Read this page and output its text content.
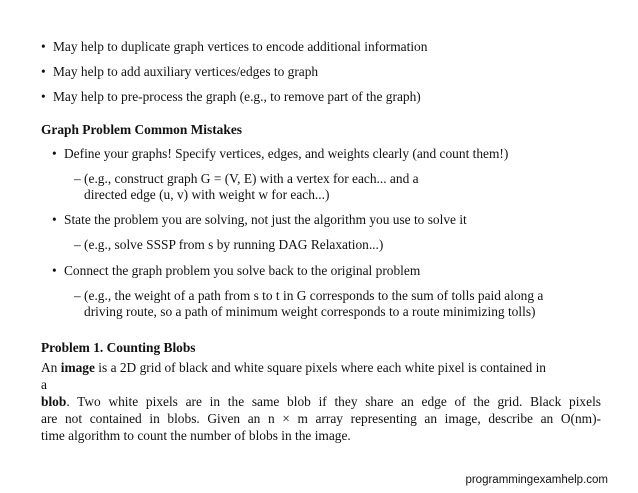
• May help to duplicate graph vertices to encode additional information
• May help to add auxiliary vertices/edges to graph
• May help to pre-process the graph (e.g., to remove part of the graph)
Graph Problem Common Mistakes
• Define your graphs! Specify vertices, edges, and weights clearly (and count them!)
– (e.g., construct graph G = (V, E) with a vertex for each... and a
directed edge (u, v) with weight w for each...)
• State the problem you are solving, not just the algorithm you use to solve it
– (e.g., solve SSSP from s by running DAG Relaxation...)
• Connect the graph problem you solve back to the original problem
– (e.g., the weight of a path from s to t in G corresponds to the sum of tolls paid along a
driving route, so a path of minimum weight corresponds to a route minimizing tolls)
Problem 1. Counting Blobs
An image is a 2D grid of black and white square pixels where each white pixel is contained in
a
blob. Two white pixels are in the same blob if they share an edge of the grid. Black pixels
are not contained in blobs. Given an n × m array representing an image, describe an O(nm)-
time algorithm to count the number of blobs in the image.
programmingexamhelp.com
